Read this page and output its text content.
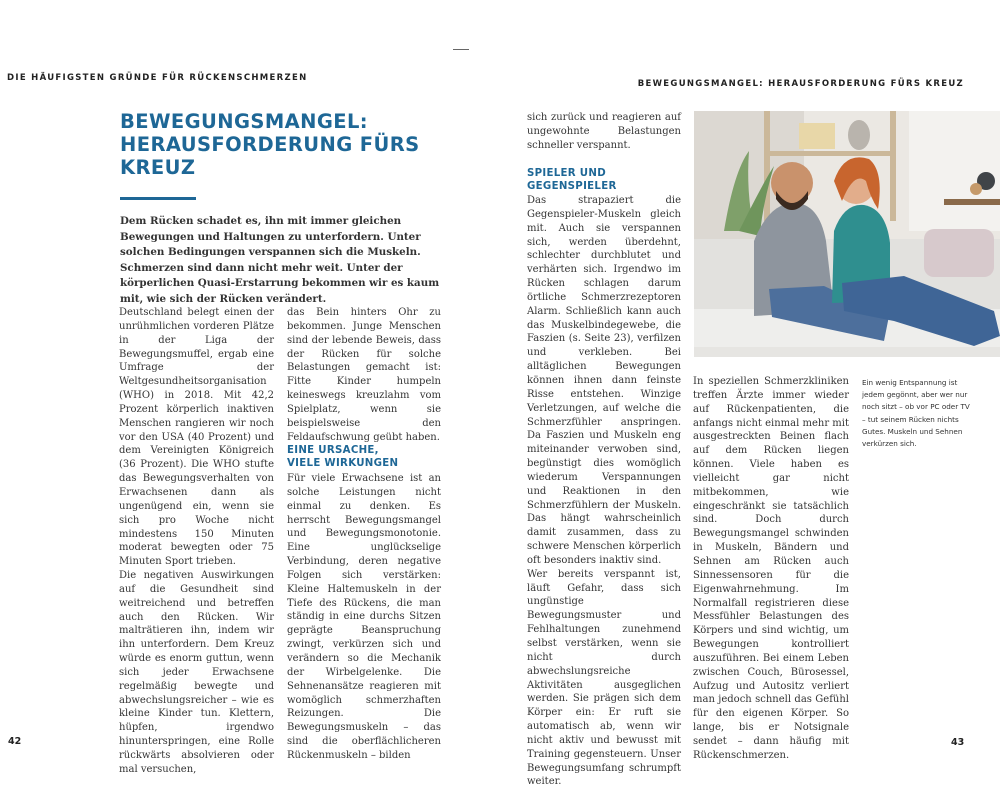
DIE HÄUFIGSTEN GRÜNDE FÜR RÜCKENSCHMERZEN
BEWEGUNGSMANGEL: HERAUSFORDERUNG FÜRS KREUZ
BEWEGUNGSMANGEL: HERAUSFORDERUNG FÜRS KREUZ
Dem Rücken schadet es, ihn mit immer gleichen Bewegungen und Haltungen zu unterfordern. Unter solchen Bedingungen verspannen sich die Muskeln. Schmerzen sind dann nicht mehr weit. Unter der körperlichen Quasi-Erstarrung bekommen wir es kaum mit, wie sich der Rücken verändert.

Deutschland belegt einen der unrühmlichen vorderen Plätze in der Liga der Bewegungsmuffel, ergab eine Umfrage der Weltgesundheitsorganisation (WHO) in 2018. Mit 42,2 Prozent körperlich inaktiven Menschen rangieren wir noch vor den USA (40 Prozent) und dem Vereinigten Königreich (36 Prozent). Die WHO stufte das Bewegungsverhalten von Erwachsenen dann als ungenügend ein, wenn sie sich pro Woche nicht mindestens 150 Minuten moderat bewegten oder 75 Minuten Sport trieben.

Die negativen Auswirkungen auf die Gesundheit sind weitreichend und betreffen auch den Rücken. Wir malträtieren ihn, indem wir ihn unterfordern. Dem Kreuz würde es enorm guttun, wenn sich jeder Erwachsene regelmäßig bewegte und abwechslungsreicher – wie es kleine Kinder tun. Klettern, hüpfen, irgendwo hinunterspringen, eine Rolle rückwärts absolvieren oder mal versuchen,

das Bein hinters Ohr zu bekommen. Junge Menschen sind der lebende Beweis, dass der Rücken für solche Belastungen gemacht ist: Fitte Kinder humpeln keineswegs kreuzlahm vom Spielplatz, wenn sie beispielsweise den Feldaufschwung geübt haben.

EINE URSACHE,
VIELE WIRKUNGEN

Für viele Erwachsene ist an solche Leistungen nicht einmal zu denken. Es herrscht Bewegungsmangel und Bewegungsmonotonie. Eine unglückselige Verbindung, deren negative Folgen sich verstärken: Kleine Haltemuskeln in der Tiefe des Rückens, die man ständig in eine durchs Sitzen geprägte Beanspruchung zwingt, verkürzen sich und verändern so die Mechanik der Wirbelgelenke. Die Sehnenansätze reagieren mit womöglich schmerzhaften Reizungen. Die Bewegungsmuskeln – das sind die oberflächlicheren Rückenmuskeln – bilden

sich zurück und reagieren auf ungewohnte Belastungen schneller verspannt.

SPIELER UND
GEGENSPIELER

Das strapaziert die Gegenspieler-Muskeln gleich mit. Auch sie verspannen sich, werden überdehnt, schlechter durchblutet und verhärten sich. Irgendwo im Rücken schlagen darum örtliche Schmerzrezeptoren Alarm. Schließlich kann auch das Muskelbindegewebe, die Faszien (s. Seite 23), verfilzen und verkleben. Bei alltäglichen Bewegungen können ihnen dann feinste Risse entstehen. Winzige Verletzungen, auf welche die Schmerzfühler anspringen. Da Faszien und Muskeln eng miteinander verwoben sind, begünstigt dies womöglich wiederum Verspannungen und Reaktionen in den Schmerzfühlern der Muskeln. Das hängt wahrscheinlich damit zusammen, dass zu schwere Menschen körperlich oft besonders inaktiv sind.

Wer bereits verspannt ist, läuft Gefahr, dass sich ungünstige Bewegungsmuster und Fehlhaltungen zunehmend selbst verstärken, wenn sie nicht durch abwechslungsreiche Aktivitäten ausgeglichen werden. Sie prägen sich dem Körper ein: Er ruft sie automatisch ab, wenn wir nicht aktiv und bewusst mit Training gegensteuern. Unser Bewegungsumfang schrumpft weiter.

In speziellen Schmerzkliniken treffen Ärzte immer wieder auf Rückenpatienten, die anfangs nicht einmal mehr mit ausgestreckten Beinen flach auf dem Rücken liegen können. Viele haben es vielleicht gar nicht mitbekommen, wie eingeschränkt sie tatsächlich sind. Doch durch Bewegungsmangel schwinden in Muskeln, Bändern und Sehnen am Rücken auch Sinnessensoren für die Eigenwahrnehmung. Im Normalfall registrieren diese Messfühler Belastungen des Körpers und sind wichtig, um Bewegungen kontrolliert auszuführen. Bei einem Leben zwischen Couch, Bürosessel, Aufzug und Autositz verliert man jedoch schnell das Gefühl für den eigenen Körper. So lange, bis er Notsignale sendet – dann häufig mit Rückenschmerzen.

Ein wenig Entspannung ist jedem gegönnt, aber wer nur noch sitzt – ob vor PC oder TV – tut seinem Rücken nichts Gutes. Muskeln und Sehnen verkürzen sich.
42	43
